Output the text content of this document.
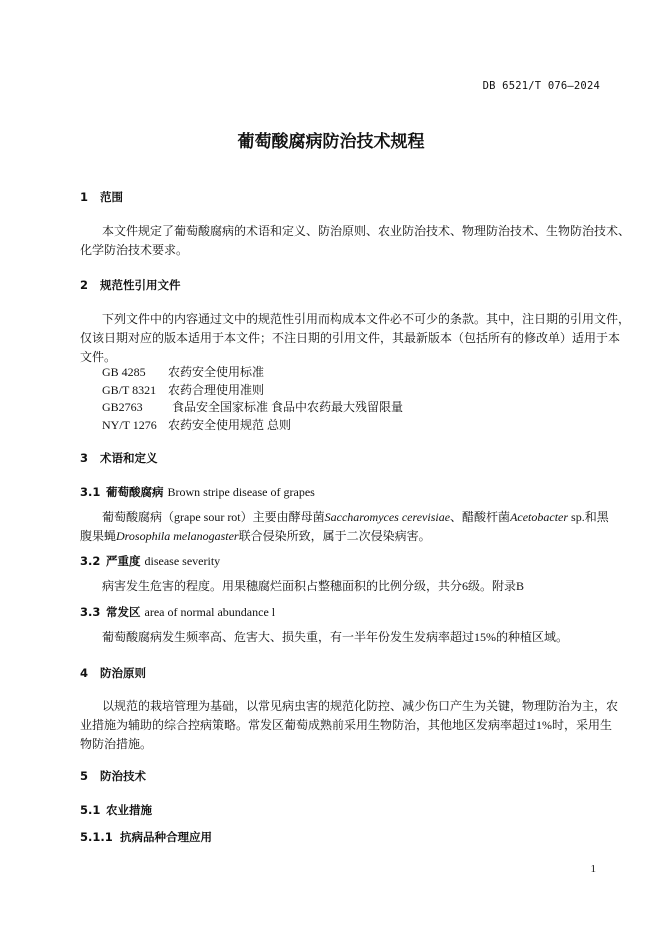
DB 6521/T 076—2024
葡萄酸腐病防治技术规程
1 范围
本文件规定了葡萄酸腐病的术语和定义、防治原则、农业防治技术、物理防治技术、生物防治技术、
化学防治技术要求。
2 规范性引用文件
下列文件中的内容通过文中的规范性引用而构成本文件必不可少的条款。其中，注日期的引用文件，
仅该日期对应的版本适用于本文件；不注日期的引用文件，其最新版本（包括所有的修改单）适用于本
文件。
GB 4285 农药安全使用标准
GB/T 8321 农药合理使用准则
GB2763 食品安全国家标准 食品中农药最大残留限量
NY/T 1276 农药安全使用规范 总则
3 术语和定义
3.1 葡萄酸腐病 Brown stripe disease of grapes
葡萄酸腐病（grape sour rot）主要由酵母菌Saccharomyces cerevisiae、醋酸杆菌Acetobacter sp.和黑
腹果蝇Drosophila melanogaster联合侵染所致，属于二次侵染病害。
3.2 严重度 disease severity
病害发生危害的程度。用果穗腐烂面积占整穗面积的比例分级，共分6级。附录B
3.3 常发区 area of normal abundance l
葡萄酸腐病发生频率高、危害大、损失重，有一半年份发生发病率超过15%的种植区域。
4 防治原则
以规范的栽培管理为基础，以常见病虫害的规范化防控、减少伤口产生为关键，物理防治为主，农
业措施为辅助的综合控病策略。常发区葡萄成熟前采用生物防治，其他地区发病率超过1%时，采用生
物防治措施。
5 防治技术
5.1 农业措施
5.1.1 抗病品种合理应用
1
